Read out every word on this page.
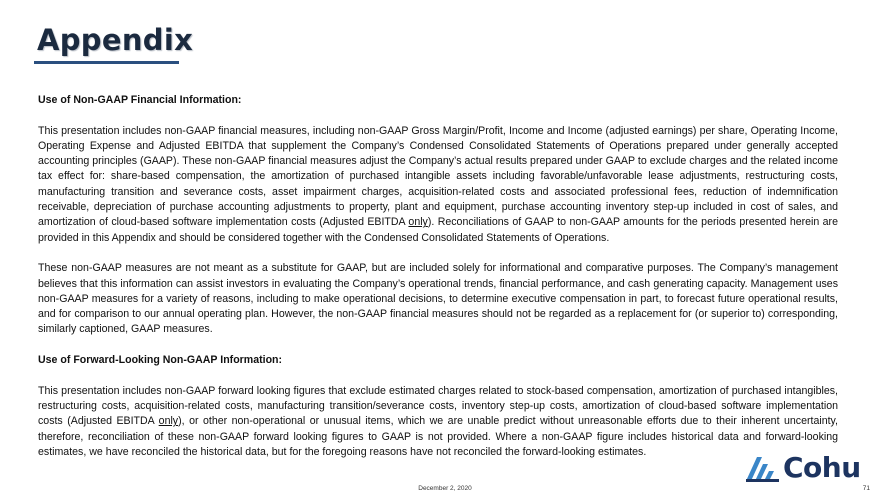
Appendix
Use of Non-GAAP Financial Information:

This presentation includes non-GAAP financial measures, including non-GAAP Gross Margin/Profit, Income and Income (adjusted earnings) per share, Operating Income, Operating Expense and Adjusted EBITDA that supplement the Company’s Condensed Consolidated Statements of Operations prepared under generally accepted accounting principles (GAAP). These non-GAAP financial measures adjust the Company’s actual results prepared under GAAP to exclude charges and the related income tax effect for: share-based compensation, the amortization of purchased intangible assets including favorable/unfavorable lease adjustments, restructuring costs, manufacturing transition and severance costs, asset impairment charges, acquisition-related costs and associated professional fees, reduction of indemnification receivable, depreciation of purchase accounting adjustments to property, plant and equipment, purchase accounting inventory step-up included in cost of sales, and amortization of cloud-based software implementation costs (Adjusted EBITDA only). Reconciliations of GAAP to non-GAAP amounts for the periods presented herein are provided in this Appendix and should be considered together with the Condensed Consolidated Statements of Operations.

These non-GAAP measures are not meant as a substitute for GAAP, but are included solely for informational and comparative purposes. The Company’s management believes that this information can assist investors in evaluating the Company’s operational trends, financial performance, and cash generating capacity. Management uses non-GAAP measures for a variety of reasons, including to make operational decisions, to determine executive compensation in part, to forecast future operational results, and for comparison to our annual operating plan. However, the non-GAAP financial measures should not be regarded as a replacement for (or superior to) corresponding, similarly captioned, GAAP measures.

Use of Forward-Looking Non-GAAP Information:

This presentation includes non-GAAP forward looking figures that exclude estimated charges related to stock-based compensation, amortization of purchased intangibles, restructuring costs, acquisition-related costs, manufacturing transition/severance costs, inventory step-up costs, amortization of cloud-based software implementation costs (Adjusted EBITDA only), or other non-operational or unusual items, which we are unable predict without unreasonable efforts due to their inherent uncertainty, therefore, reconciliation of these non-GAAP forward looking figures to GAAP is not provided. Where a non-GAAP figure includes historical data and forward-looking estimates, we have reconciled the historical data, but for the foregoing reasons have not reconciled the forward-looking estimates.	Cohu
December 2, 2020	71
